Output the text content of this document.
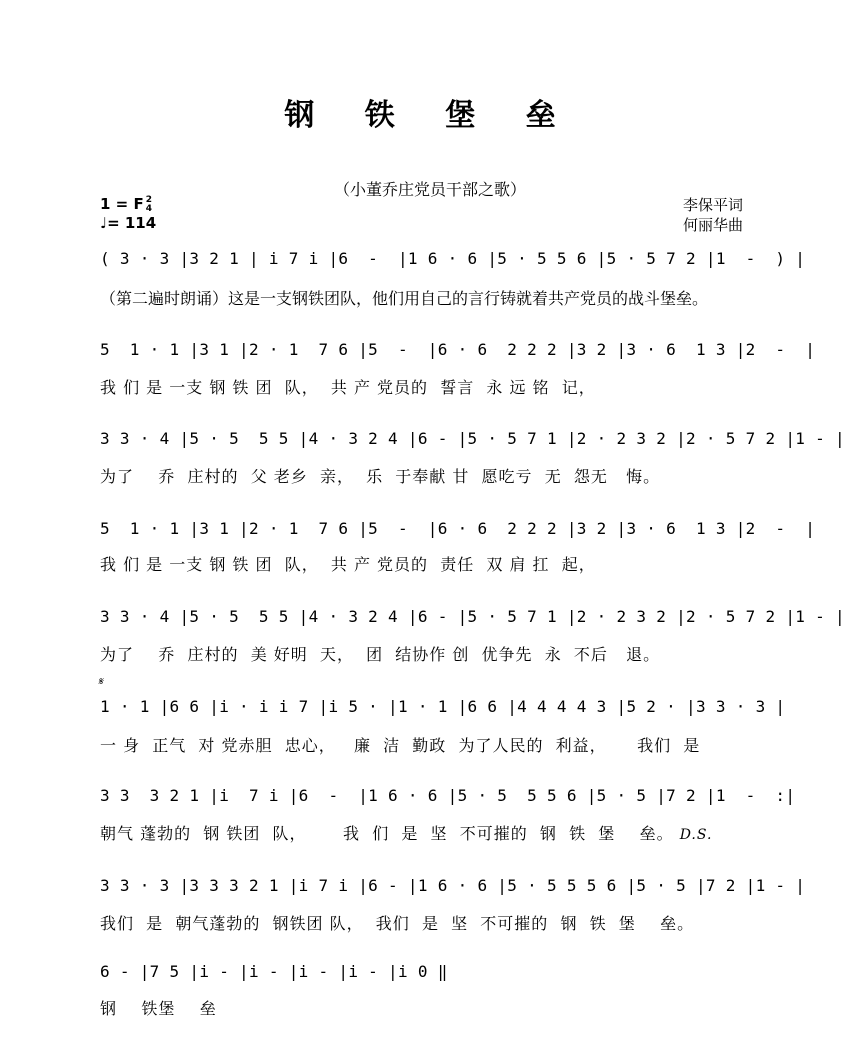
钢 铁 堡 垒
（小董乔庄党员干部之歌）
1 = F 2
4
♩= 114
李保平词
何丽华曲
( 3 · 3 |3 2 1 | i 7 i |6  -  |1 6 · 6 |5 · 5 5 6 |5 · 5 7 2 |1  -  ) |
（第二遍时朗诵）这是一支钢铁团队，他们用自己的言行铸就着共产党员的战斗堡垒。
5  1 · 1 |3 1 |2 · 1  7 6 |5  -  |6 · 6  2 2 2 |3 2 |3 · 6  1 3 |2  -  |
我 们 是 一支 钢 铁 团  队，  共 产 党员的  誓言  永 远 铭  记，
3 3 · 4 |5 · 5  5 5 |4 · 3 2 4 |6 - |5 · 5 7 1 |2 · 2 3 2 |2 · 5 7 2 |1 - |
为了    乔  庄村的  父 老乡  亲，  乐  于奉献 甘  愿吃亏  无  怨无   悔。
5  1 · 1 |3 1 |2 · 1  7 6 |5  -  |6 · 6  2 2 2 |3 2 |3 · 6  1 3 |2  -  |
我 们 是 一支 钢 铁 团  队，  共 产 党员的  责任  双 肩 扛  起，
3 3 · 4 |5 · 5  5 5 |4 · 3 2 4 |6 - |5 · 5 7 1 |2 · 2 3 2 |2 · 5 7 2 |1 - |
为了    乔  庄村的  美 好明  天，  团  结协作 创  优争先  永  不后   退。
𝄋
1 · 1 |6 6 |i · i i 7 |i 5 · |1 · 1 |6 6 |4 4 4 4 3 |5 2 · |3 3 · 3 |
一 身  正气  对 党赤胆  忠心，   廉  洁  勤政  为了人民的  利益，     我们  是
3 3  3 2 1 |i  7 i |6  -  |1 6 · 6 |5 · 5  5 5 6 |5 · 5 |7 2 |1  -  :|
朝气 蓬勃的  钢 铁团  队，      我  们  是  坚  不可摧的  钢  铁  堡    垒。 D.S.
3 3 · 3 |3 3 3 2 1 |i 7 i |6 - |1 6 · 6 |5 · 5 5 5 6 |5 · 5 |7 2 |1 - |
我们  是  朝气蓬勃的  钢铁团 队，  我们  是  坚  不可摧的  钢  铁  堡    垒。
6 - |7 5 |i - |i - |i - |i - |i 0 ‖
钢    铁堡    垒
